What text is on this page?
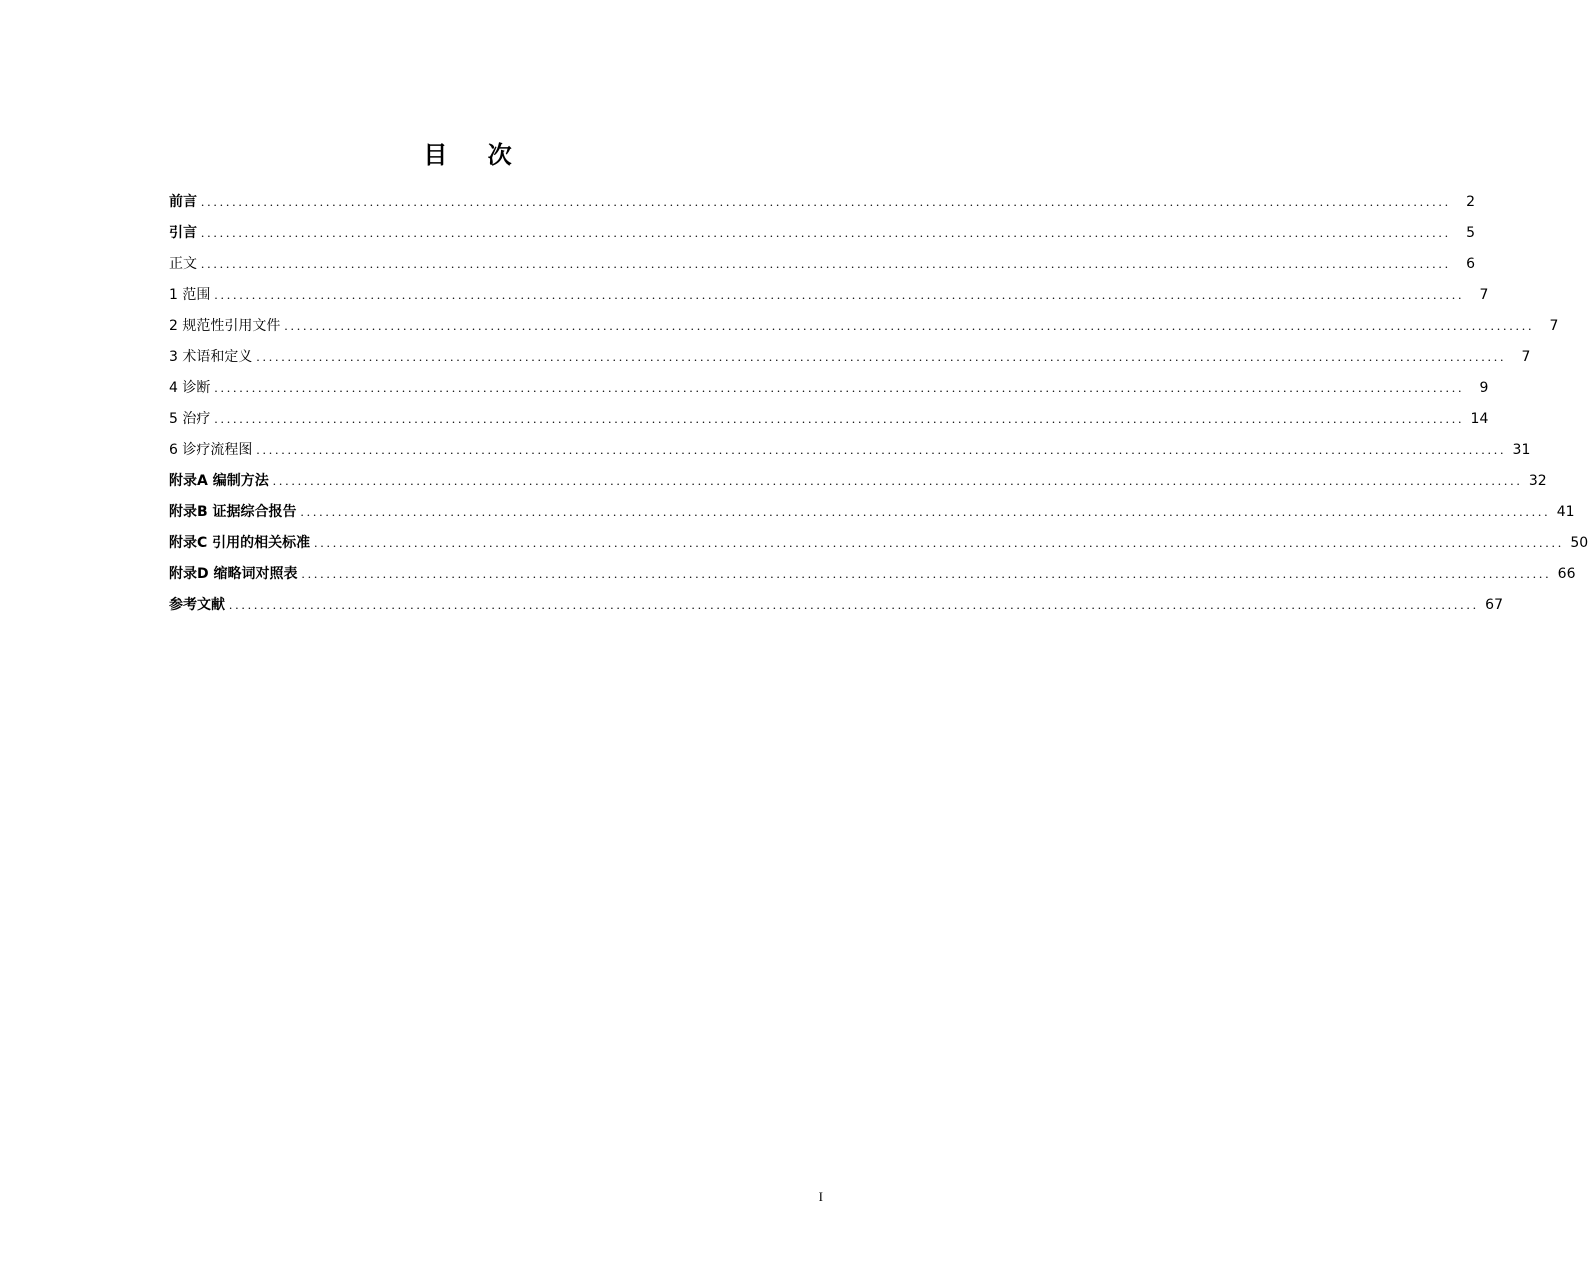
目 次
前言 ........................................................................................................................................................................................................	2
引言 ........................................................................................................................................................................................................	5
正文 ........................................................................................................................................................................................................	6
1 范围 ........................................................................................................................................................................................................	7
2 规范性引用文件 ........................................................................................................................................................................................................	7
3 术语和定义 ........................................................................................................................................................................................................	7
4 诊断 ........................................................................................................................................................................................................	9
5 治疗 ........................................................................................................................................................................................................ 14
6 诊疗流程图 ........................................................................................................................................................................................................ 31
附录A 编制方法 ........................................................................................................................................................................................................ 32
附录B 证据综合报告 ........................................................................................................................................................................................................ 41
附录C 引用的相关标准 ........................................................................................................................................................................................................ 50
附录D 缩略词对照表 ........................................................................................................................................................................................................ 66
参考文献 ........................................................................................................................................................................................................ 67
I
